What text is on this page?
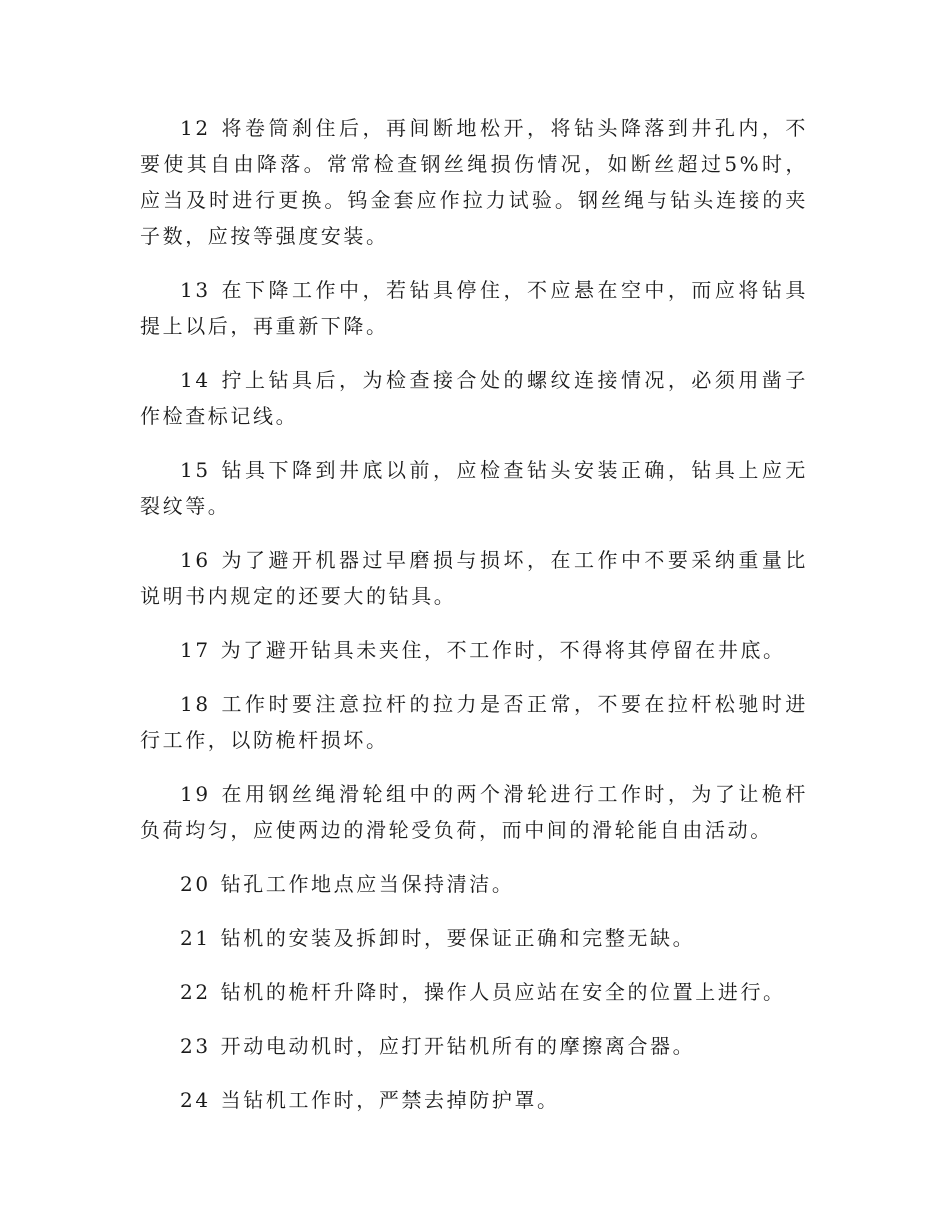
12 将卷筒刹住后，再间断地松开，将钻头降落到井孔内，不要使其自由降落。常常检查钢丝绳损伤情况，如断丝超过5%时，应当及时进行更换。钨金套应作拉力试验。钢丝绳与钻头连接的夹子数，应按等强度安装。

13 在下降工作中，若钻具停住，不应悬在空中，而应将钻具提上以后，再重新下降。

14 拧上钻具后，为检查接合处的螺纹连接情况，必须用凿子作检查标记线。

15 钻具下降到井底以前，应检查钻头安装正确，钻具上应无裂纹等。

16 为了避开机器过早磨损与损坏，在工作中不要采纳重量比说明书内规定的还要大的钻具。

17 为了避开钻具未夹住，不工作时，不得将其停留在井底。

18 工作时要注意拉杆的拉力是否正常，不要在拉杆松驰时进行工作，以防桅杆损坏。

19 在用钢丝绳滑轮组中的两个滑轮进行工作时，为了让桅杆负荷均匀，应使两边的滑轮受负荷，而中间的滑轮能自由活动。

20 钻孔工作地点应当保持清洁。

21 钻机的安装及拆卸时，要保证正确和完整无缺。

22 钻机的桅杆升降时，操作人员应站在安全的位置上进行。

23 开动电动机时，应打开钻机所有的摩擦离合器。

24 当钻机工作时，严禁去掉防护罩。
